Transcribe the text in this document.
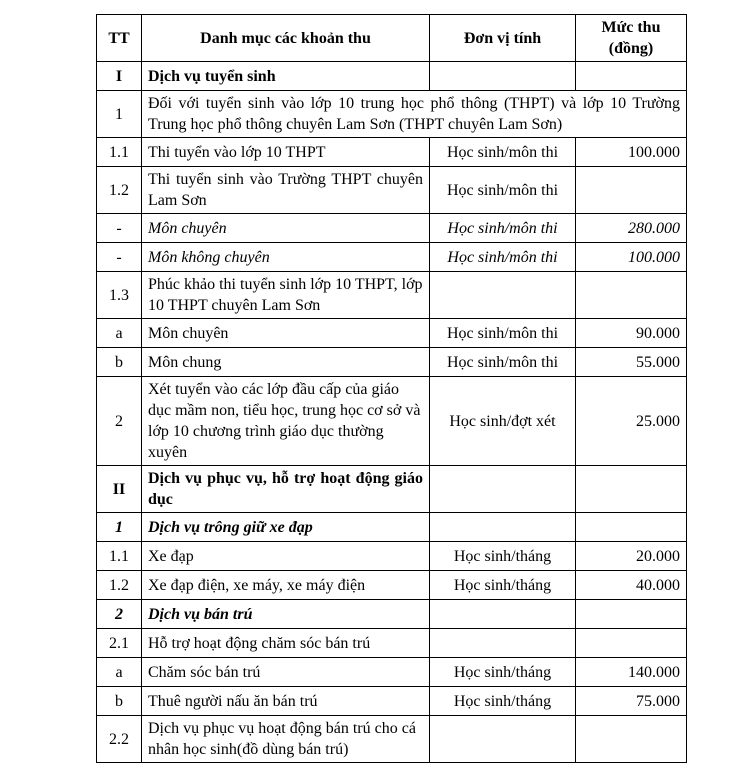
TT	Danh mục các khoản thu	Đơn vị tính	Mức thu
(đồng)
I	Dịch vụ tuyển sinh		
1	Đối với tuyển sinh vào lớp 10 trung học phổ thông (THPT) và lớp 10 Trường Trung học phổ thông chuyên Lam Sơn (THPT chuyên Lam Sơn)		
1.1	Thi tuyển vào lớp 10 THPT	Học sinh/môn thi	100.000
1.2	Thi tuyển sinh vào Trường THPT chuyên Lam Sơn	Học sinh/môn thi	
-	Môn chuyên	Học sinh/môn thi	280.000
-	Môn không chuyên	Học sinh/môn thi	100.000
1.3	Phúc khảo thi tuyển sinh lớp 10 THPT, lớp 10 THPT chuyên Lam Sơn		
a	Môn chuyên	Học sinh/môn thi	90.000
b	Môn chung	Học sinh/môn thi	55.000
2	Xét tuyển vào các lớp đầu cấp của giáo dục mầm non, tiểu học, trung học cơ sở và lớp 10 chương trình giáo dục thường xuyên	Học sinh/đợt xét	25.000
II	Dịch vụ phục vụ, hỗ trợ hoạt động giáo dục		
1	Dịch vụ trông giữ xe đạp		
1.1	Xe đạp	Học sinh/tháng	20.000
1.2	Xe đạp điện, xe máy, xe máy điện	Học sinh/tháng	40.000
2	Dịch vụ bán trú		
2.1	Hỗ trợ hoạt động chăm sóc bán trú		
a	Chăm sóc bán trú	Học sinh/tháng	140.000
b	Thuê người nấu ăn bán trú	Học sinh/tháng	75.000
2.2	Dịch vụ phục vụ hoạt động bán trú cho cá nhân học sinh(đồ dùng bán trú)		
